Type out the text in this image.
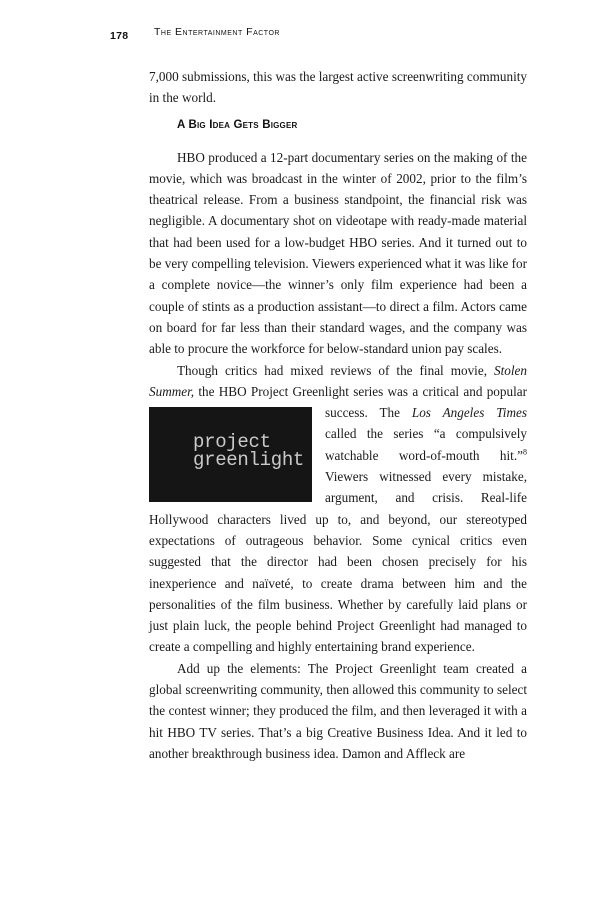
178 The Entertainment Factor

7,000 submissions, this was the largest active screenwriting community in the world.

A Big Idea Gets Bigger

HBO produced a 12-part documentary series on the making of the movie, which was broadcast in the winter of 2002, prior to the film’s theatrical release. From a business standpoint, the financial risk was negligible. A documentary shot on videotape with ready-made material that had been used for a low-budget HBO series. And it turned out to be very compelling television. Viewers experienced what it was like for a complete novice—the winner’s only film experience had been a couple of stints as a production assistant—to direct a film. Actors came on board for far less than their standard wages, and the company was able to procure the workforce for below-standard union pay scales.

Though critics had mixed reviews of the final movie, Stolen Summer, the HBO Project Greenlight series was a critical and popular success. The
project
greenlight
Los Angeles Times called the series “a compulsively watchable word-of-mouth hit.”$^8$ Viewers witnessed every mistake, argument, and crisis. Real-life Hollywood characters lived up to, and beyond, our stereotyped expectations of outrageous behavior. Some cynical critics even suggested that the director had been chosen precisely for his inexperience and naïveté, to create drama between him and the personalities of the film business. Whether by carefully laid plans or just plain luck, the people behind Project Greenlight had managed to create a compelling and highly entertaining brand experience.

Add up the elements: The Project Greenlight team created a global screenwriting community, then allowed this community to select the contest winner; they produced the film, and then leveraged it with a hit HBO TV series. That’s a big Creative Business Idea. And it led to another breakthrough business idea. Damon and Affleck are
